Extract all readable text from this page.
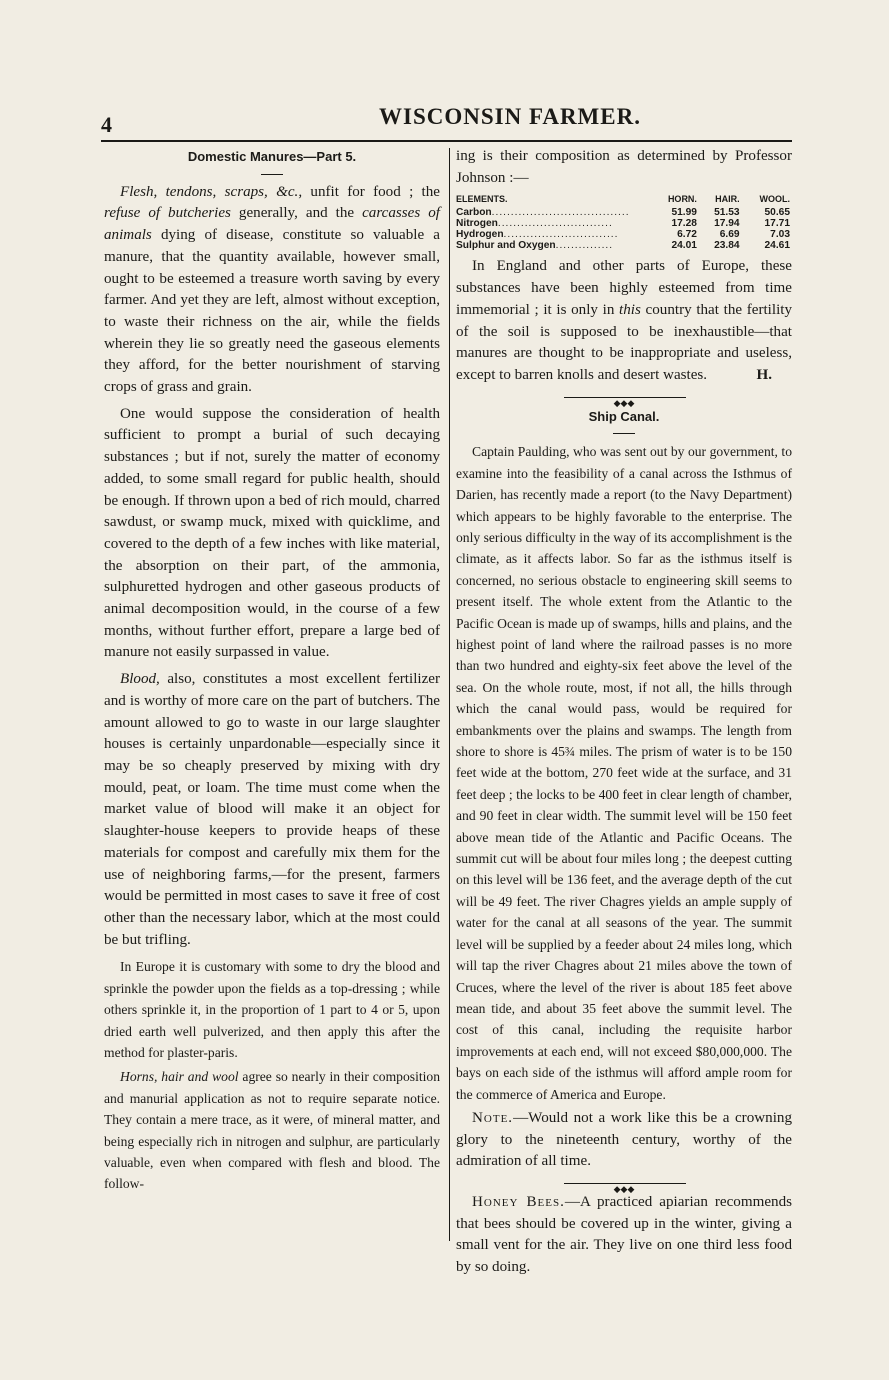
4	WISCONSIN FARMER.
Domestic Manures—Part 5.

Flesh, tendons, scraps, &c., unfit for food ; the refuse of butcheries generally, and the carcasses of animals dying of disease, constitute so valuable a manure, that the quantity available, however small, ought to be esteemed a treasure worth saving by every farmer. And yet they are left, almost without exception, to waste their richness on the air, while the fields wherein they lie so greatly need the gaseous elements they afford, for the better nourishment of starving crops of grass and grain.

One would suppose the consideration of health sufficient to prompt a burial of such decaying substances ; but if not, surely the matter of economy added, to some small regard for public health, should be enough. If thrown upon a bed of rich mould, charred sawdust, or swamp muck, mixed with quicklime, and covered to the depth of a few inches with like material, the absorption on their part, of the ammonia, sulphuretted hydrogen and other gaseous products of animal decomposition would, in the course of a few months, without further effort, prepare a large bed of manure not easily surpassed in value.

Blood, also, constitutes a most excellent fertilizer and is worthy of more care on the part of butchers. The amount allowed to go to waste in our large slaughter houses is certainly unpardonable—especially since it may be so cheaply preserved by mixing with dry mould, peat, or loam. The time must come when the market value of blood will make it an object for slaughter-house keepers to provide heaps of these materials for compost and carefully mix them for the use of neighboring farms,—for the present, farmers would be permitted in most cases to save it free of cost other than the necessary labor, which at the most could be but trifling.

In Europe it is customary with some to dry the blood and sprinkle the powder upon the fields as a top-dressing ; while others sprinkle it, in the proportion of 1 part to 4 or 5, upon dried earth well pulverized, and then apply this after the method for plaster-paris.

Horns, hair and wool agree so nearly in their composition and manurial application as not to require separate notice. They contain a mere trace, as it were, of mineral matter, and being especially rich in nitrogen and sulphur, are particularly valuable, even when compared with flesh and blood. The follow-

ing is their composition as determined by Professor Johnson :—

ELEMENTS.	HORN.	HAIR.	WOOL.
Carbon....................................	51.99	51.53	50.65
Nitrogen..............................	17.28	17.94	17.71
Hydrogen..............................	6.72	6.69	7.03
Sulphur and Oxygen...............	24.01	23.84	24.61

In England and other parts of Europe, these substances have been highly esteemed from time immemorial ; it is only in this country that the fertility of the soil is supposed to be inexhaustible—that manures are thought to be inappropriate and useless, except to barren knolls and desert wastes.	H.

◆◆◆
Ship Canal.

Captain Paulding, who was sent out by our government, to examine into the feasibility of a canal across the Isthmus of Darien, has recently made a report (to the Navy Department) which appears to be highly favorable to the enterprise. The only serious difficulty in the way of its accomplishment is the climate, as it affects labor. So far as the isthmus itself is concerned, no serious obstacle to engineering skill seems to present itself. The whole extent from the Atlantic to the Pacific Ocean is made up of swamps, hills and plains, and the highest point of land where the railroad passes is no more than two hundred and eighty-six feet above the level of the sea. On the whole route, most, if not all, the hills through which the canal would pass, would be required for embankments over the plains and swamps. The length from shore to shore is 45¾ miles. The prism of water is to be 150 feet wide at the bottom, 270 feet wide at the surface, and 31 feet deep ; the locks to be 400 feet in clear length of chamber, and 90 feet in clear width. The summit level will be 150 feet above mean tide of the Atlantic and Pacific Oceans. The summit cut will be about four miles long ; the deepest cutting on this level will be 136 feet, and the average depth of the cut will be 49 feet. The river Chagres yields an ample supply of water for the canal at all seasons of the year. The summit level will be supplied by a feeder about 24 miles long, which will tap the river Chagres about 21 miles above the town of Cruces, where the level of the river is about 185 feet above mean tide, and about 35 feet above the summit level. The cost of this canal, including the requisite harbor improvements at each end, will not exceed $80,000,000. The bays on each side of the isthmus will afford ample room for the commerce of America and Europe.

Note.—Would not a work like this be a crowning glory to the nineteenth century, worthy of the admiration of all time.

◆◆◆

Honey Bees.—A practiced apiarian recommends that bees should be covered up in the winter, giving a small vent for the air. They live on one third less food by so doing.
